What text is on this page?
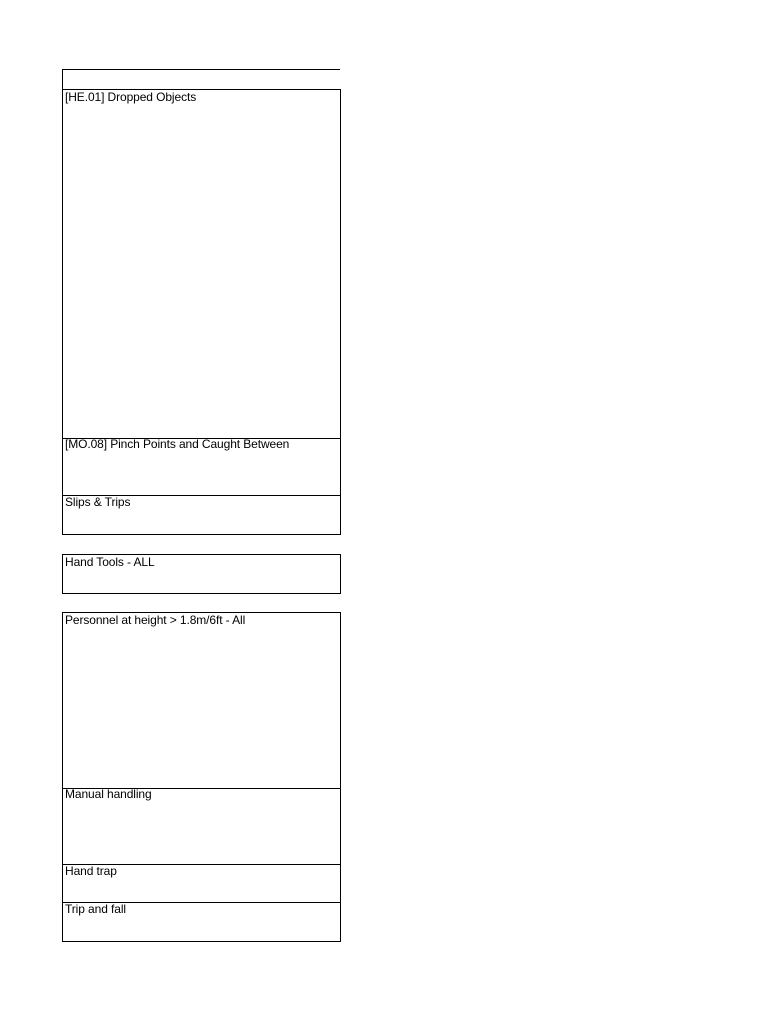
[HE.01] Dropped Objects
[MO.08] Pinch Points and Caught Between
Slips & Trips
Hand Tools - ALL
Personnel at height > 1.8m/6ft - All
Manual handling
Hand trap
Trip and fall
